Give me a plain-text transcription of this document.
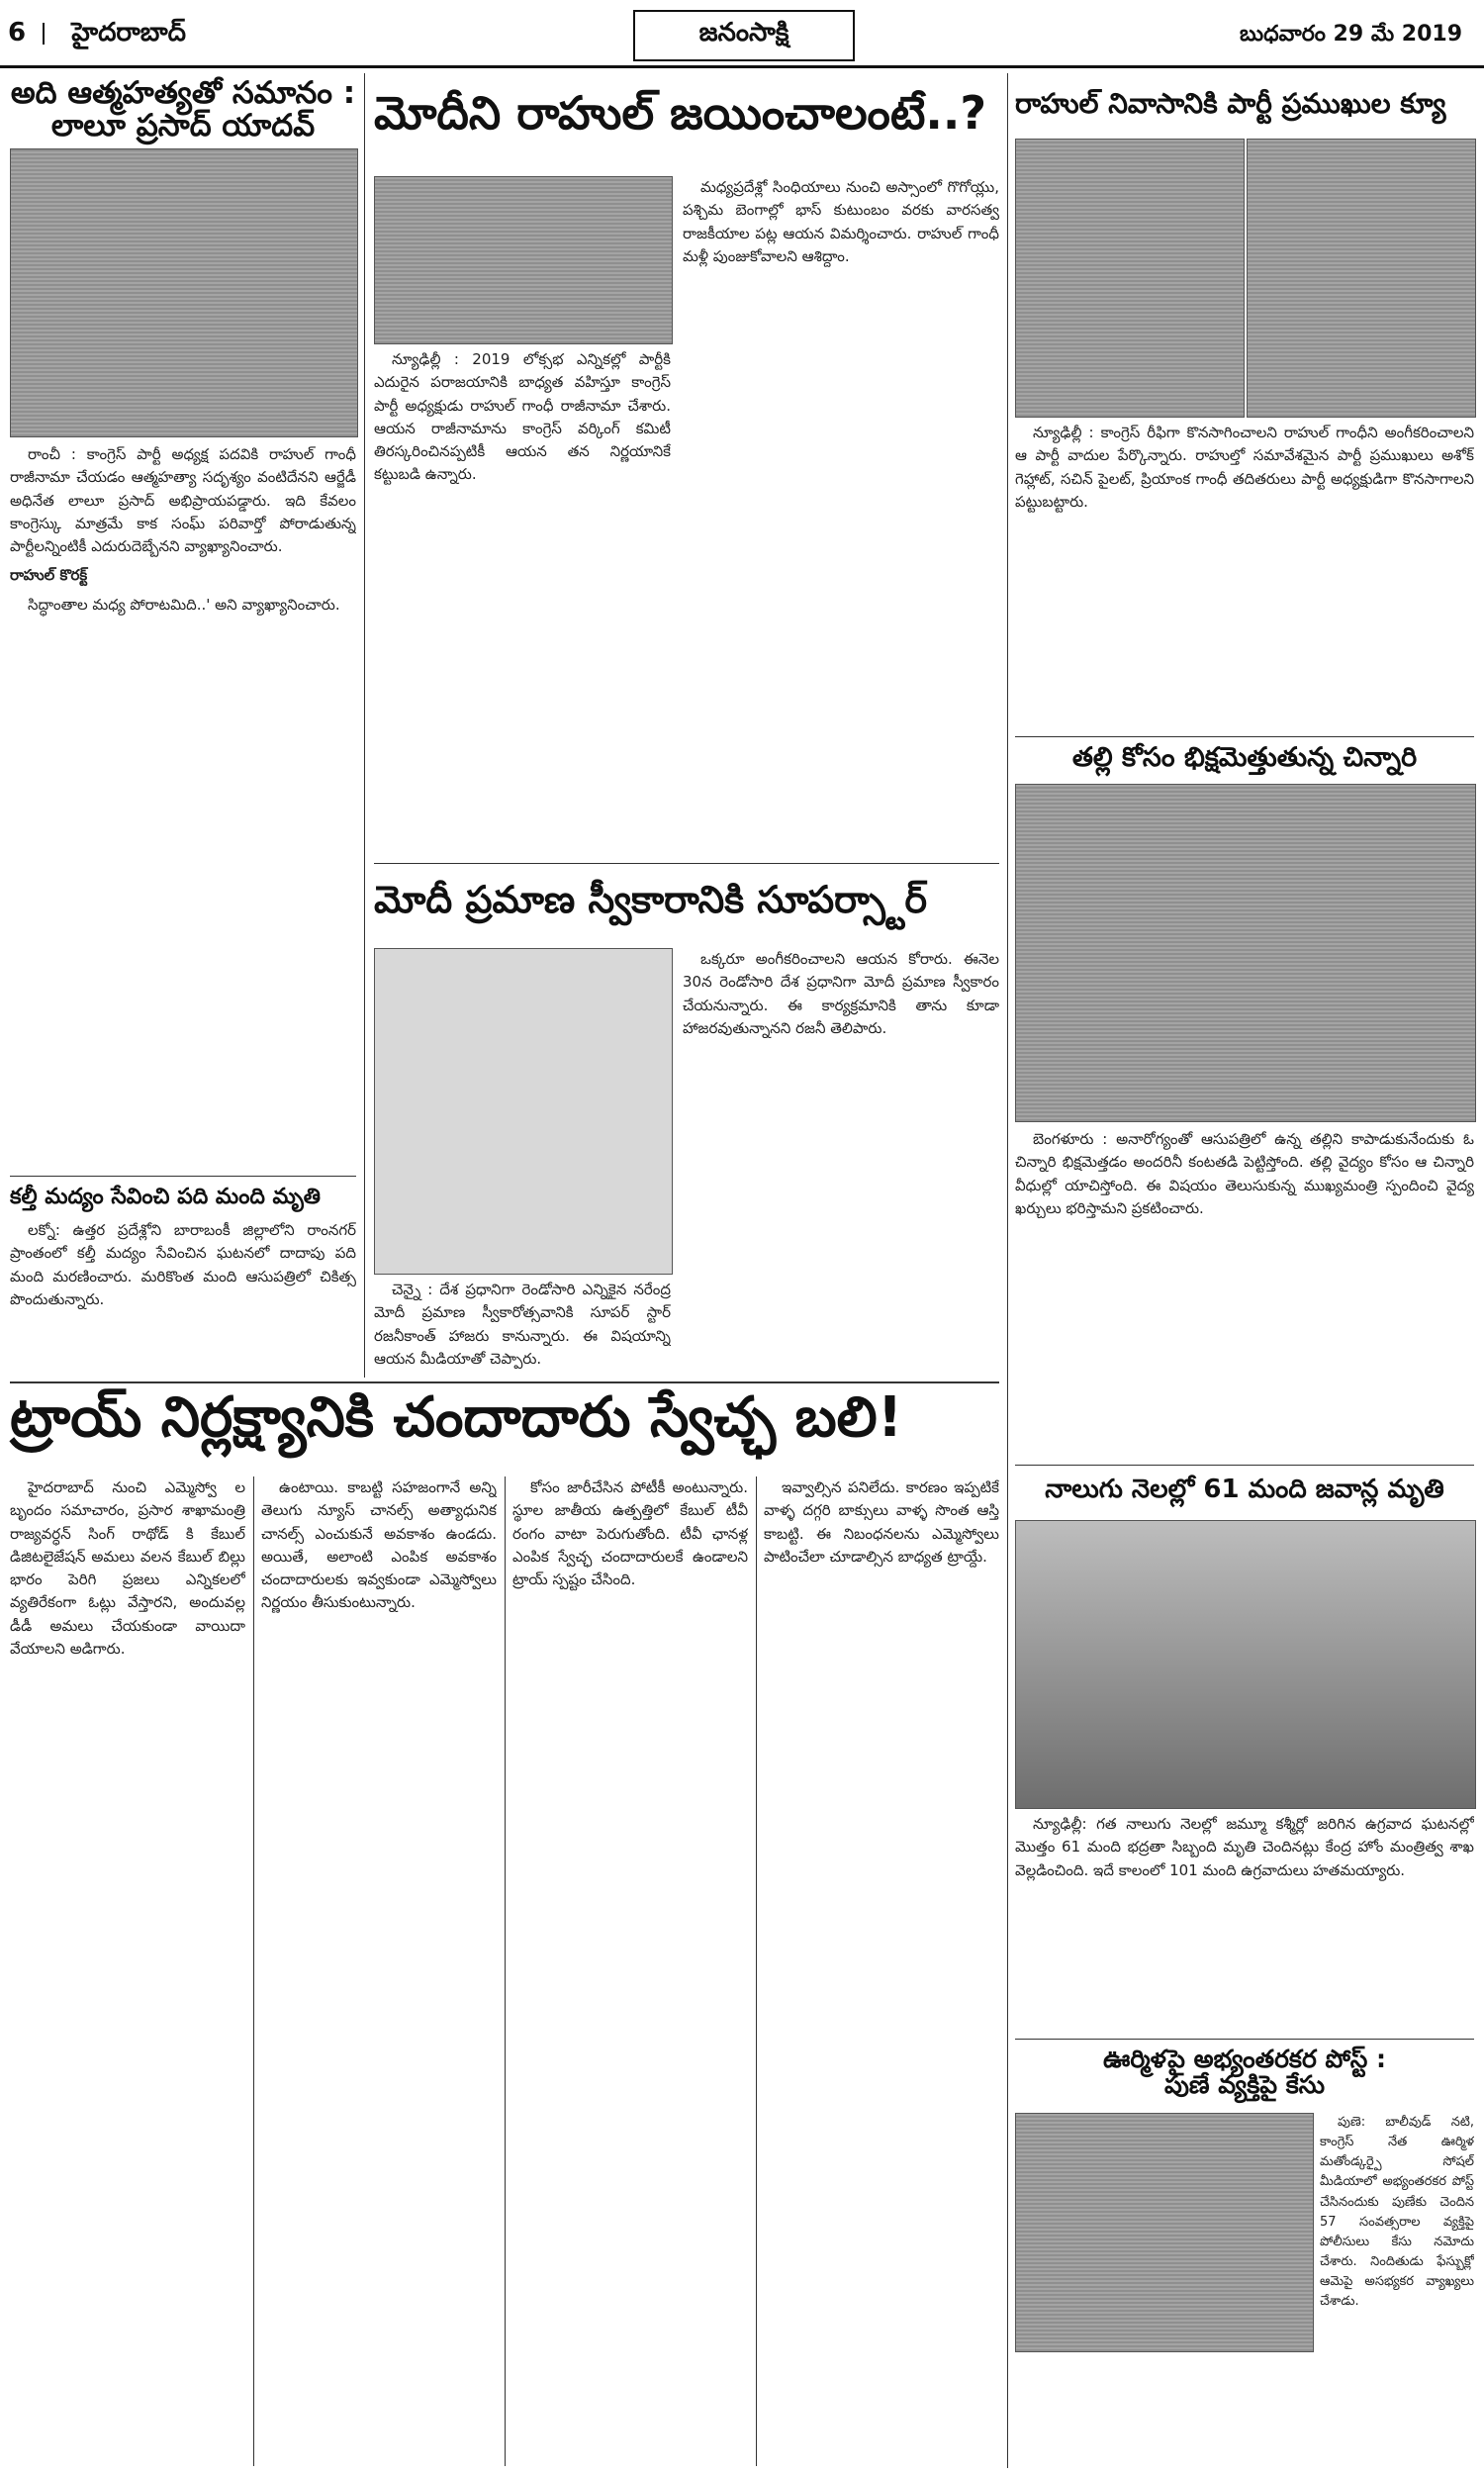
6 హైదరాబాద్	జనంసాక్షి	బుధవారం 29 మే 2019
అది ఆత్మహత్యతో సమానం :
లాలూ ప్రసాద్ యాదవ్

రాంచీ : కాంగ్రెస్ పార్టీ అధ్యక్ష పదవికి రాహుల్ గాంధీ రాజీనామా చేయడం ఆత్మహత్యా సదృశ్యం వంటిదేనని ఆర్జేడీ అధినేత లాలూ ప్రసాద్ అభిప్రాయపడ్డారు. ఇది కేవలం కాంగ్రెస్కు మాత్రమే కాక సంఘ్ పరివార్తో పోరాడుతున్న పార్టీలన్నింటికీ ఎదురుదెబ్బేనని వ్యాఖ్యానించారు.

రాహుల్ కొరక్ట్

సిద్ధాంతాల మధ్య పోరాటమిది..' అని వ్యాఖ్యానించారు.

కల్తీ మద్యం సేవించి పది మంది మృతి

లక్నో: ఉత్తర ప్రదేశ్లోని బారాబంకీ జిల్లాలోని రాంనగర్ ప్రాంతంలో కల్తీ మద్యం సేవించిన ఘటనలో దాదాపు పది మంది మరణించారు. మరికొంత మంది ఆసుపత్రిలో చికిత్స పొందుతున్నారు.

మోదీని రాహుల్ జయించాలంటే..?

న్యూఢిల్లీ : 2019 లోక్సభ ఎన్నికల్లో పార్టీకి ఎదురైన పరాజయానికి బాధ్యత వహిస్తూ కాంగ్రెస్ పార్టీ అధ్యక్షుడు రాహుల్ గాంధీ రాజీనామా చేశారు. ఆయన రాజీనామాను కాంగ్రెస్ వర్కింగ్ కమిటీ తిరస్కరించినప్పటికీ ఆయన తన నిర్ణయానికే కట్టుబడి ఉన్నారు.

మధ్యప్రదేశ్లో సింధియాలు నుంచి అస్సాంలో గొగోయ్లు, పశ్చిమ బెంగాల్లో భాస్ కుటుంబం వరకు వారసత్వ రాజకీయాల పట్ల ఆయన విమర్శించారు. రాహుల్ గాంధీ మళ్లీ పుంజుకోవాలని ఆశిద్దాం.

మోదీ ప్రమాణ స్వీకారానికి సూపర్స్టార్

చెన్నై : దేశ ప్రధానిగా రెండోసారి ఎన్నికైన నరేంద్ర మోదీ ప్రమాణ స్వీకారోత్సవానికి సూపర్ స్టార్ రజనీకాంత్ హాజరు కానున్నారు. ఈ విషయాన్ని ఆయన మీడియాతో చెప్పారు.

ఒక్కరూ అంగీకరించాలని ఆయన కోరారు. ఈనెల 30న రెండోసారి దేశ ప్రధానిగా మోదీ ప్రమాణ స్వీకారం చేయనున్నారు. ఈ కార్యక్రమానికి తాను కూడా హాజరవుతున్నానని రజనీ తెలిపారు.

రాహుల్ నివాసానికి పార్టీ ప్రముఖుల క్యూ

న్యూఢిల్లీ : కాంగ్రెస్ రీఫిగా కొనసాగించాలని రాహుల్ గాంధీని అంగీకరించాలని ఆ పార్టీ వాదుల పేర్కొన్నారు. రాహుల్తో సమావేశమైన పార్టీ ప్రముఖులు అశోక్ గెహ్లాట్, సచిన్ పైలట్, ప్రియాంక గాంధీ తదితరులు పార్టీ అధ్యక్షుడిగా కొనసాగాలని పట్టుబట్టారు.

తల్లి కోసం భిక్షమెత్తుతున్న చిన్నారి

బెంగళూరు : అనారోగ్యంతో ఆసుపత్రిలో ఉన్న తల్లిని కాపాడుకునేందుకు ఓ చిన్నారి భిక్షమెత్తడం అందరినీ కంటతడి పెట్టిస్తోంది. తల్లి వైద్యం కోసం ఆ చిన్నారి వీధుల్లో యాచిస్తోంది. ఈ విషయం తెలుసుకున్న ముఖ్యమంత్రి స్పందించి వైద్య ఖర్చులు భరిస్తామని ప్రకటించారు.

నాలుగు నెలల్లో 61 మంది జవాన్ల మృతి

న్యూఢిల్లీ: గత నాలుగు నెలల్లో జమ్మూ కశ్మీర్లో జరిగిన ఉగ్రవాద ఘటనల్లో మొత్తం 61 మంది భద్రతా సిబ్బంది మృతి చెందినట్లు కేంద్ర హోం మంత్రిత్వ శాఖ వెల్లడించింది. ఇదే కాలంలో 101 మంది ఉగ్రవాదులు హతమయ్యారు.

ఊర్మిళపై అభ్యంతరకర పోస్ట్ :
పుణే వ్యక్తిపై కేసు

పుణె: బాలీవుడ్ నటి, కాంగ్రెస్ నేత ఊర్మిళ మతోండ్కర్పై సోషల్ మీడియాలో అభ్యంతరకర పోస్ట్ చేసినందుకు పుణేకు చెందిన 57 సంవత్సరాల వ్యక్తిపై పోలీసులు కేసు నమోదు చేశారు. నిందితుడు ఫేస్బుక్లో ఆమెపై అసభ్యకర వ్యాఖ్యలు చేశాడు.

ట్రాయ్ నిర్లక్ష్యానికి చందాదారు స్వేచ్ఛ బలి!

హైదరాబాద్ నుంచి ఎమ్మెస్వో ల బృందం సమాచారం, ప్రసార శాఖామంత్రి రాజ్యవర్ధన్ సింగ్ రాథోడ్ కి కేబుల్ డిజిటలైజేషన్ అమలు వలన కేబుల్ బిల్లు భారం పెరిగి ప్రజలు ఎన్నికలలో వ్యతిరేకంగా ఓట్లు వేస్తారని, అందువల్ల డీడీ అమలు చేయకుండా వాయిదా వేయాలని అడిగారు.

ఉంటాయి. కాబట్టి సహజంగానే అన్ని తెలుగు న్యూస్ చానల్స్ అత్యాధునిక చానల్స్ ఎంచుకునే అవకాశం ఉండదు. అయితే, అలాంటి ఎంపిక అవకాశం చందాదారులకు ఇవ్వకుండా ఎమ్మెస్వోలు నిర్ణయం తీసుకుంటున్నారు.

కోసం జారీచేసిన పోటీకీ అంటున్నారు. స్థూల జాతీయ ఉత్పత్తిలో కేబుల్ టీవీ రంగం వాటా పెరుగుతోంది. టీవీ ఛానళ్ల ఎంపిక స్వేచ్ఛ చందాదారులకే ఉండాలని ట్రాయ్ స్పష్టం చేసింది.

ఇవ్వాల్సిన పనిలేదు. కారణం ఇప్పటికే వాళ్ళ దగ్గరి బాక్సులు వాళ్ళ సొంత ఆస్తి కాబట్టి. ఈ నిబంధనలను ఎమ్మెస్వోలు పాటించేలా చూడాల్సిన బాధ్యత ట్రాయ్దే.
